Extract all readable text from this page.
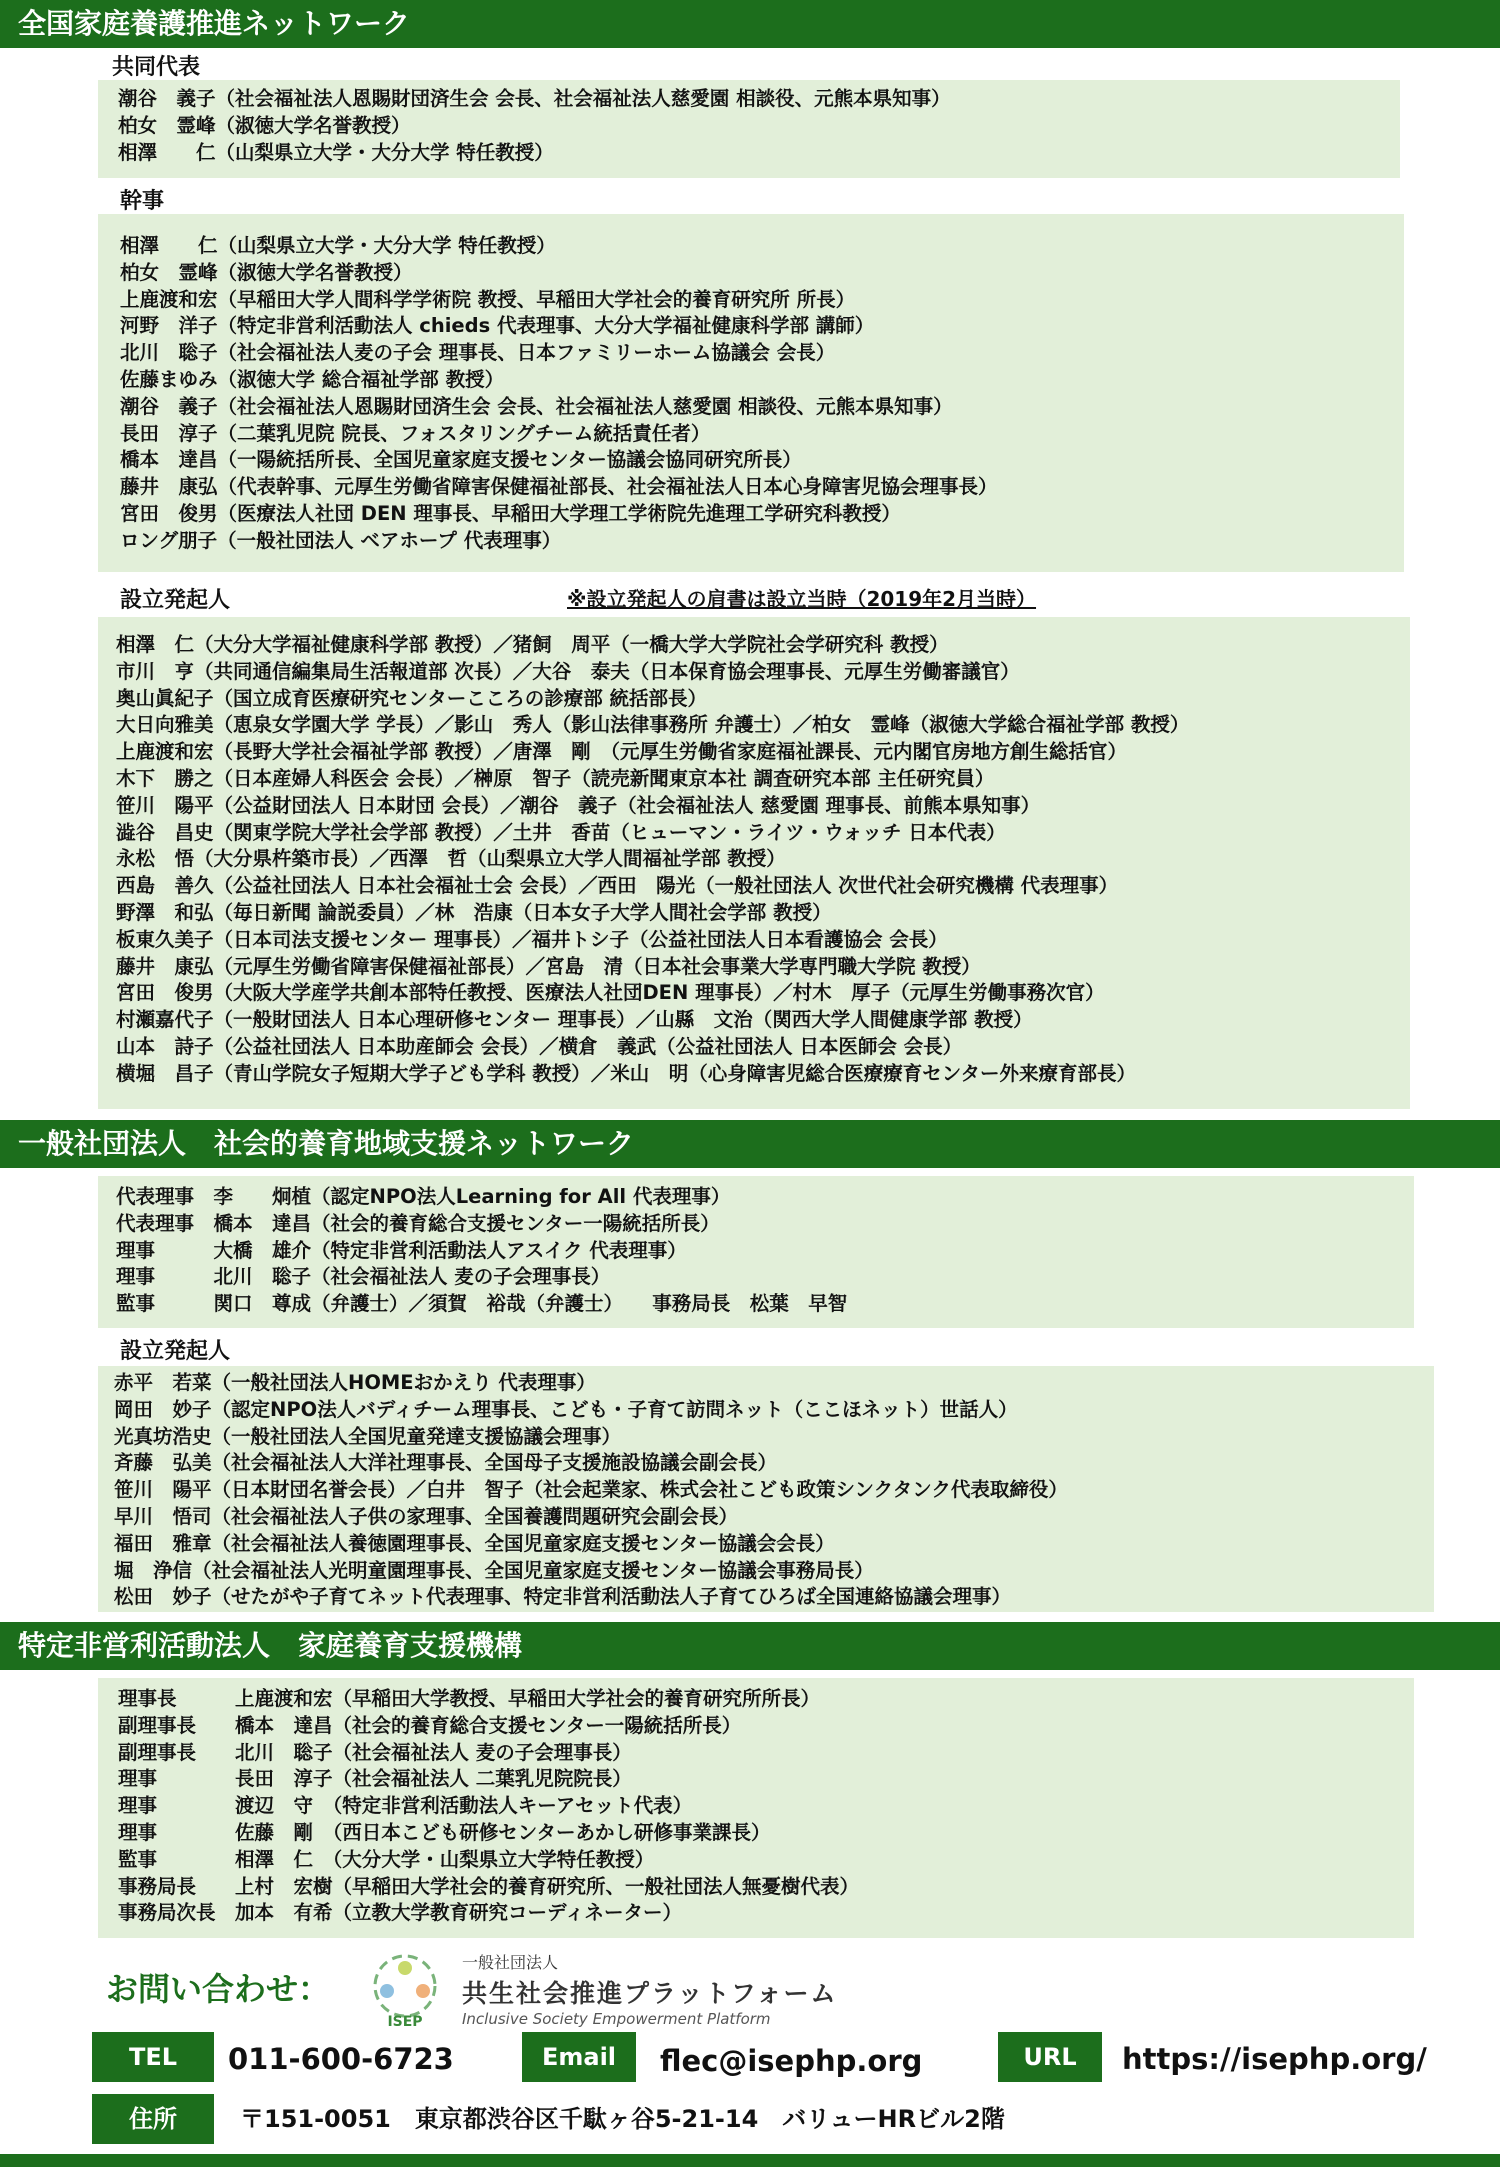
全国家庭養護推進ネットワーク
共同代表
潮谷　義子（社会福祉法人恩賜財団済生会 会長、社会福祉法人慈愛園 相談役、元熊本県知事）
柏女　霊峰（淑徳大学名誉教授）
相澤　　仁（山梨県立大学・大分大学 特任教授）
幹事
相澤　　仁（山梨県立大学・大分大学 特任教授）
柏女　霊峰（淑徳大学名誉教授）
上鹿渡和宏（早稲田大学人間科学学術院 教授、早稲田大学社会的養育研究所 所長）
河野　洋子（特定非営利活動法人 chieds 代表理事、大分大学福祉健康科学部 講師）
北川　聡子（社会福祉法人麦の子会 理事長、日本ファミリーホーム協議会 会長）
佐藤まゆみ（淑徳大学 総合福祉学部 教授）
潮谷　義子（社会福祉法人恩賜財団済生会 会長、社会福祉法人慈愛園 相談役、元熊本県知事）
長田　淳子（二葉乳児院 院長、フォスタリングチーム統括責任者）
橋本　達昌（一陽統括所長、全国児童家庭支援センター協議会協同研究所長）
藤井　康弘（代表幹事、元厚生労働省障害保健福祉部長、社会福祉法人日本心身障害児協会理事長）
宮田　俊男（医療法人社団 DEN 理事長、早稲田大学理工学術院先進理工学研究科教授）
ロング朋子（一般社団法人 ベアホープ 代表理事）
設立発起人	※設立発起人の肩書は設立当時（2019年2月当時）
相澤　仁（大分大学福祉健康科学部 教授）／猪飼　周平（一橋大学大学院社会学研究科 教授）
市川　亨（共同通信編集局生活報道部 次長）／大谷　泰夫（日本保育協会理事長、元厚生労働審議官）
奥山眞紀子（国立成育医療研究センターこころの診療部 統括部長）
大日向雅美（恵泉女学園大学 学長）／影山　秀人（影山法律事務所 弁護士）／柏女　霊峰（淑徳大学総合福祉学部 教授）
上鹿渡和宏（長野大学社会福祉学部 教授）／唐澤　剛　（元厚生労働省家庭福祉課長、元内閣官房地方創生総括官）
木下　勝之（日本産婦人科医会 会長）／榊原　智子（読売新聞東京本社 調査研究本部 主任研究員）
笹川　陽平（公益財団法人 日本財団 会長）／潮谷　義子（社会福祉法人 慈愛園 理事長、前熊本県知事）
澁谷　昌史（関東学院大学社会学部 教授）／土井　香苗（ヒューマン・ライツ・ウォッチ 日本代表）
永松　悟（大分県杵築市長）／西澤　哲（山梨県立大学人間福祉学部 教授）
西島　善久（公益社団法人 日本社会福祉士会 会長）／西田　陽光（一般社団法人 次世代社会研究機構 代表理事）
野澤　和弘（毎日新聞 論説委員）／林　浩康（日本女子大学人間社会学部 教授）
板東久美子（日本司法支援センター 理事長）／福井トシ子（公益社団法人日本看護協会 会長）
藤井　康弘（元厚生労働省障害保健福祉部長）／宮島　清（日本社会事業大学専門職大学院 教授）
宮田　俊男（大阪大学産学共創本部特任教授、医療法人社団DEN 理事長）／村木　厚子（元厚生労働事務次官）
村瀬嘉代子（一般財団法人 日本心理研修センター 理事長）／山縣　文治（関西大学人間健康学部 教授）
山本　詩子（公益社団法人 日本助産師会 会長）／横倉　義武（公益社団法人 日本医師会 会長）
横堀　昌子（青山学院女子短期大学子ども学科 教授）／米山　明（心身障害児総合医療療育センター外来療育部長）
一般社団法人　社会的養育地域支援ネットワーク
代表理事　李　　炯植（認定NPO法人Learning for All 代表理事）
代表理事　橋本　達昌（社会的養育総合支援センター一陽統括所長）
理事　　　大橋　雄介（特定非営利活動法人アスイク 代表理事）
理事　　　北川　聡子（社会福祉法人 麦の子会理事長）
監事　　　関口　尊成（弁護士）／須賀　裕哉（弁護士）　　事務局長　松葉　早智
設立発起人
赤平　若菜（一般社団法人HOMEおかえり 代表理事）
岡田　妙子（認定NPO法人バディチーム理事長、こども・子育て訪問ネット（ここほネット）世話人）
光真坊浩史（一般社団法人全国児童発達支援協議会理事）
斉藤　弘美（社会福祉法人大洋社理事長、全国母子支援施設協議会副会長）
笹川　陽平（日本財団名誉会長）／白井　智子（社会起業家、株式会社こども政策シンクタンク代表取締役）
早川　悟司（社会福祉法人子供の家理事、全国養護問題研究会副会長）
福田　雅章（社会福祉法人養徳園理事長、全国児童家庭支援センター協議会会長）
堀　浄信（社会福祉法人光明童園理事長、全国児童家庭支援センター協議会事務局長）
松田　妙子（せたがや子育てネット代表理事、特定非営利活動法人子育てひろば全国連絡協議会理事）
特定非営利活動法人　家庭養育支援機構
理事長　　　上鹿渡和宏（早稲田大学教授、早稲田大学社会的養育研究所所長）
副理事長　　橋本　達昌（社会的養育総合支援センター一陽統括所長）
副理事長　　北川　聡子（社会福祉法人 麦の子会理事長）
理事　　　　長田　淳子（社会福祉法人 二葉乳児院院長）
理事　　　　渡辺　守　（特定非営利活動法人キーアセット代表）
理事　　　　佐藤　剛　（西日本こども研修センターあかし研修事業課長）
監事　　　　相澤　仁　（大分大学・山梨県立大学特任教授）
事務局長　　上村　宏樹（早稲田大学社会的養育研究所、一般社団法人無憂樹代表）
事務局次長　加本　有希（立教大学教育研究コーディネーター）
お問い合わせ：
ISEP
一般社団法人
共生社会推進プラットフォーム
Inclusive Society Empowerment Platform
TEL	011-600-6723	Email	flec@isephp.org	URL	https://isephp.org/
住所	〒151-0051　東京都渋谷区千駄ヶ谷5-21-14　バリューHRビル2階
